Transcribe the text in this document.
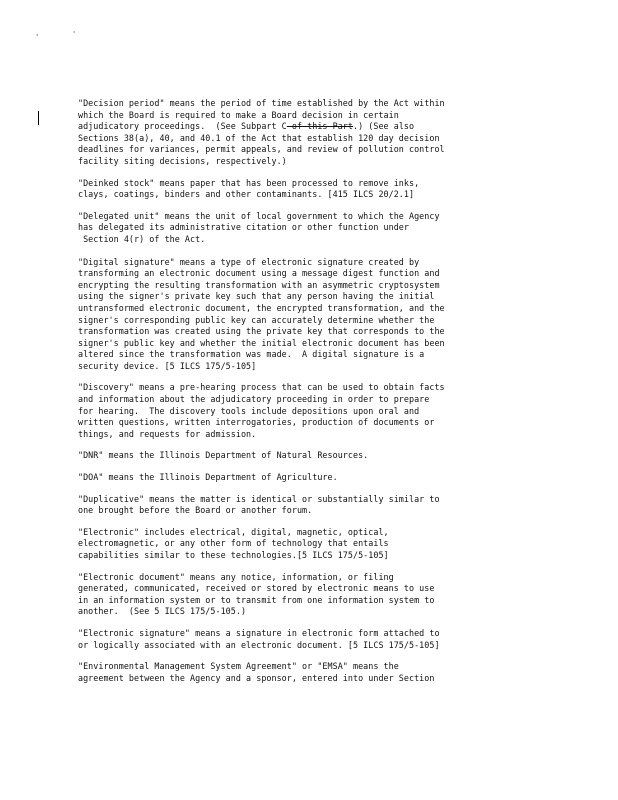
'	'

"Decision period" means the period of time established by the Act within
which the Board is required to make a Board decision in certain
adjudicatory proceedings.  (See Subpart C of this Part.) (See also
Sections 38(a), 40, and 40.1 of the Act that establish 120 day decision
deadlines for variances, permit appeals, and review of pollution control
facility siting decisions, respectively.)

"Deinked stock" means paper that has been processed to remove inks,
clays, coatings, binders and other contaminants. [415 ILCS 20/2.1]

"Delegated unit" means the unit of local government to which the Agency
has delegated its administrative citation or other function under
Section 4(r) of the Act.

"Digital signature" means a type of electronic signature created by
transforming an electronic document using a message digest function and
encrypting the resulting transformation with an asymmetric cryptosystem
using the signer's private key such that any person having the initial
untransformed electronic document, the encrypted transformation, and the
signer's corresponding public key can accurately determine whether the
transformation was created using the private key that corresponds to the
signer's public key and whether the initial electronic document has been
altered since the transformation was made.  A digital signature is a
security device. [5 ILCS 175/5-105]

"Discovery" means a pre-hearing process that can be used to obtain facts
and information about the adjudicatory proceeding in order to prepare
for hearing.  The discovery tools include depositions upon oral and
written questions, written interrogatories, production of documents or
things, and requests for admission.

"DNR" means the Illinois Department of Natural Resources.

"DOA" means the Illinois Department of Agriculture.

"Duplicative" means the matter is identical or substantially similar to
one brought before the Board or another forum.

"Electronic" includes electrical, digital, magnetic, optical,
electromagnetic, or any other form of technology that entails
capabilities similar to these technologies.[5 ILCS 175/5-105]

"Electronic document" means any notice, information, or filing
generated, communicated, received or stored by electronic means to use
in an information system or to transmit from one information system to
another.  (See 5 ILCS 175/5-105.)

"Electronic signature" means a signature in electronic form attached to
or logically associated with an electronic document. [5 ILCS 175/5-105]

"Environmental Management System Agreement" or "EMSA" means the
agreement between the Agency and a sponsor, entered into under Section
